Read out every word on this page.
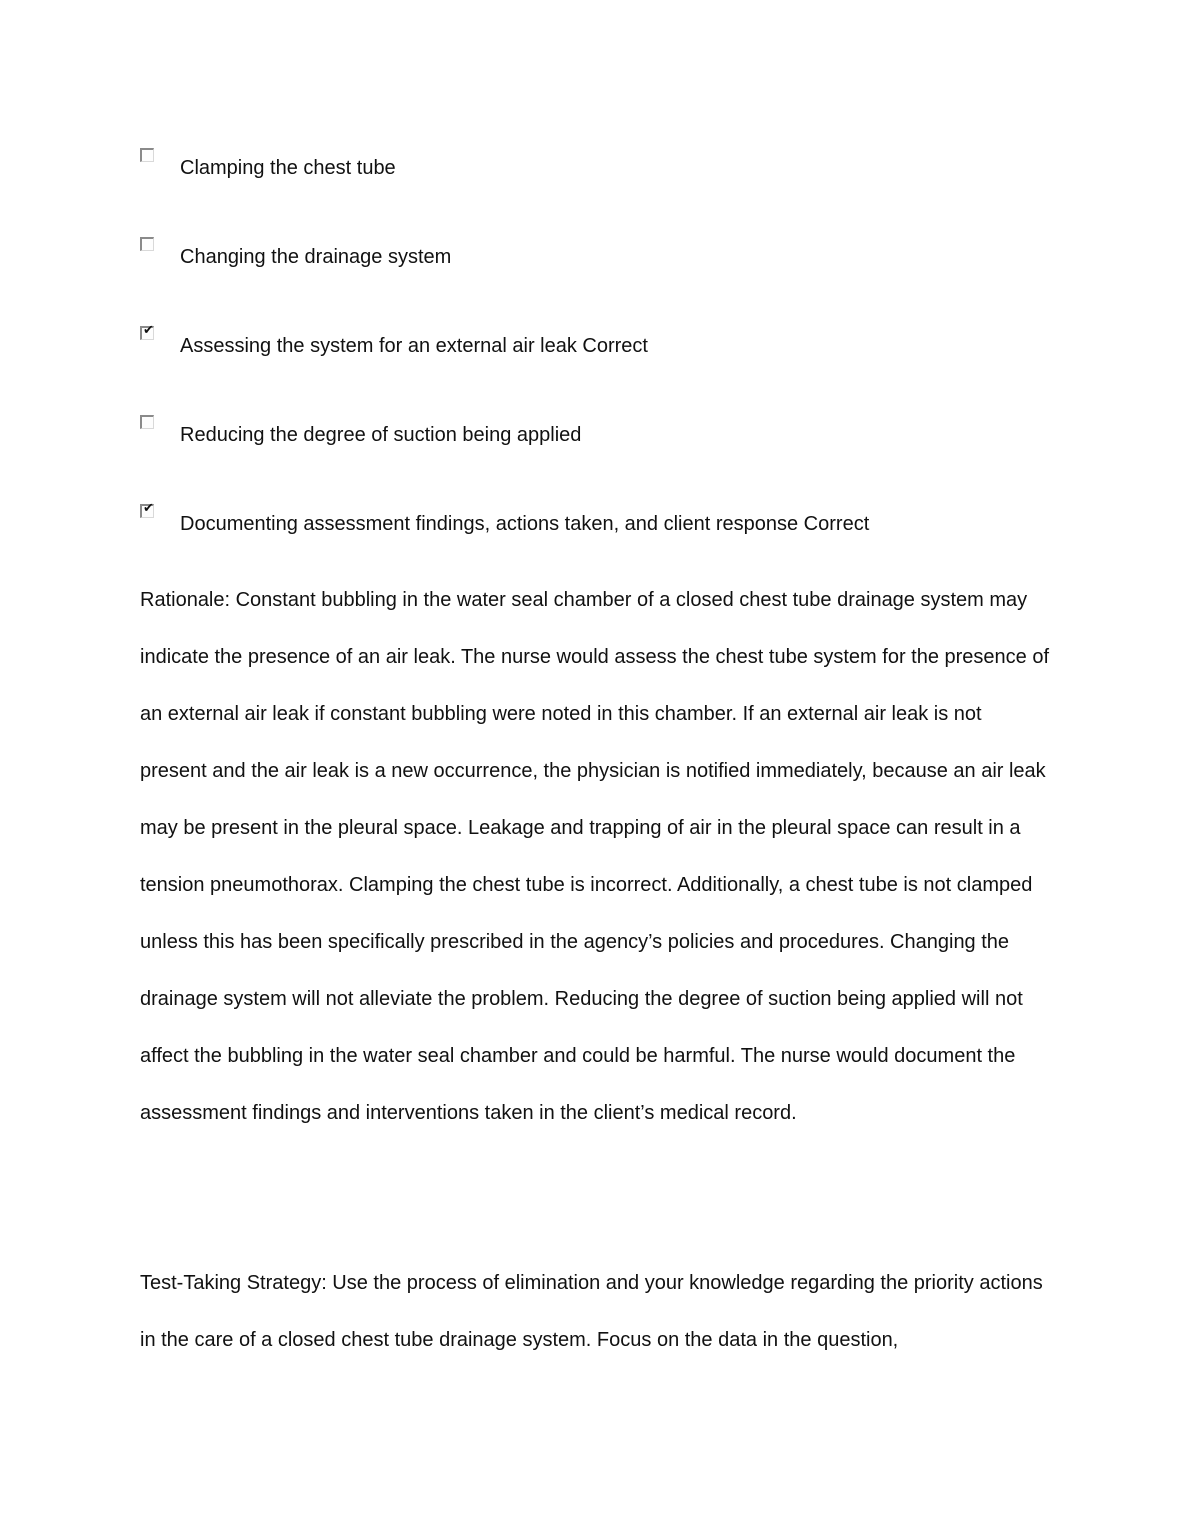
Clamping the chest tube
Changing the drainage system
✔
Assessing the system for an external air leak Correct
Reducing the degree of suction being applied
✔
Documenting assessment findings, actions taken, and client response Correct

Rationale: Constant bubbling in the water seal chamber of a closed chest tube drainage system may indicate the presence of an air leak. The nurse would assess the chest tube system for the presence of an external air leak if constant bubbling were noted in this chamber. If an external air leak is not present and the air leak is a new occurrence, the physician is notified immediately, because an air leak may be present in the pleural space. Leakage and trapping of air in the pleural space can result in a tension pneumothorax. Clamping the chest tube is incorrect. Additionally, a chest tube is not clamped unless this has been specifically prescribed in the agency’s policies and procedures. Changing the drainage system will not alleviate the problem. Reducing the degree of suction being applied will not affect the bubbling in the water seal chamber and could be harmful. The nurse would document the assessment findings and interventions taken in the client’s medical record.

Test-Taking Strategy: Use the process of elimination and your knowledge regarding the priority actions in the care of a closed chest tube drainage system. Focus on the data in the question,
